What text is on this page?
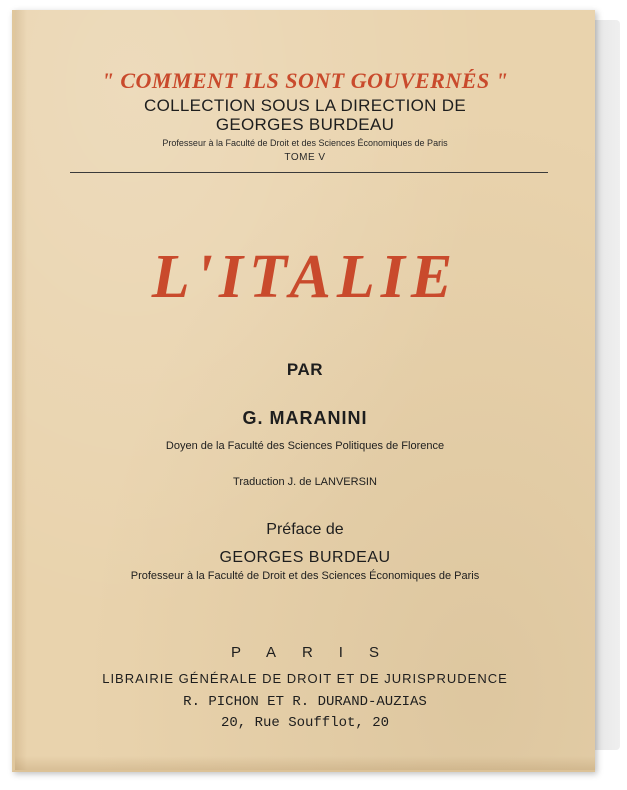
" COMMENT ILS SONT GOUVERNÉS "
COLLECTION SOUS LA DIRECTION DE
GEORGES BURDEAU
Professeur à la Faculté de Droit et des Sciences Économiques de Paris
TOME V
L'ITALIE
PAR
G. MARANINI
Doyen de la Faculté des Sciences Politiques de Florence
Traduction J. de LANVERSIN
Préface de
GEORGES BURDEAU
Professeur à la Faculté de Droit et des Sciences Économiques de Paris
PARIS
LIBRAIRIE GÉNÉRALE DE DROIT ET DE JURISPRUDENCE
R. PICHON ET R. DURAND-AUZIAS
20, Rue Soufflot, 20
